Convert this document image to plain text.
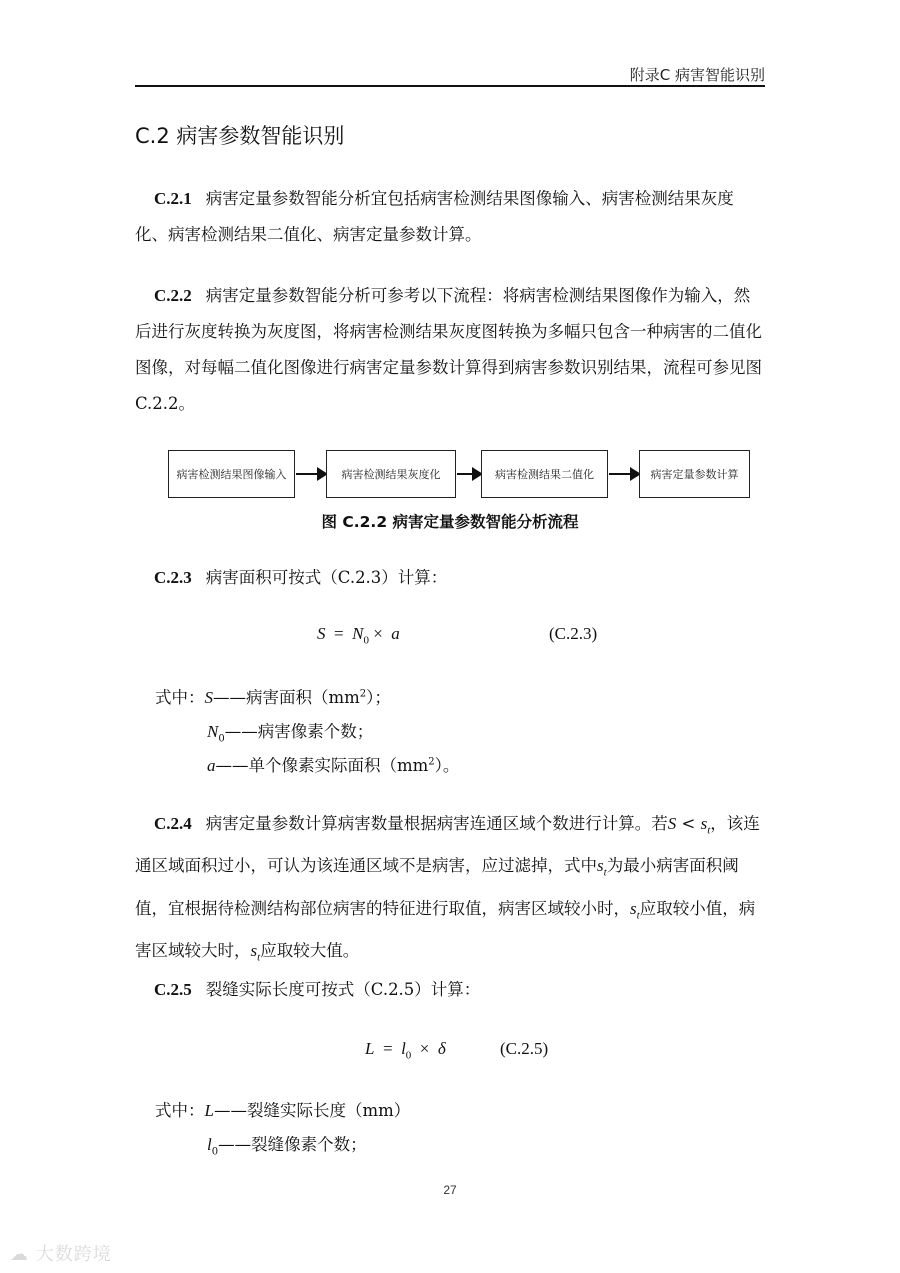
附录C 病害智能识别
C.2 病害参数智能识别
C.2.1 病害定量参数智能分析宜包括病害检测结果图像输入、病害检测结果灰度化、病害检测结果二值化、病害定量参数计算。
C.2.2 病害定量参数智能分析可参考以下流程：将病害检测结果图像作为输入，然后进行灰度转换为灰度图，将病害检测结果灰度图转换为多幅只包含一种病害的二值化图像，对每幅二值化图像进行病害定量参数计算得到病害参数识别结果，流程可参见图 C.2.2。
病害检测结果图像输入	病害检测结果灰度化	病害检测结果二值化	病害定量参数计算
图 C.2.2 病害定量参数智能分析流程
C.2.3 病害面积可按式（C.2.3）计算：
$S = N_0 \times a$	(C.2.3)
式中：S——病害面积$(mm^2)$；
$N_0——$病害像素个数；
a——单个像素实际面积$(mm^2)$。
C.2.4 病害定量参数计算病害数量根据病害连通区域个数进行计算。若$S < s_t$，该连通区域面积过小，可认为该连通区域不是病害，应过滤掉，式中$s_t$为最小病害面积阈值，宜根据待检测结构部位病害的特征进行取值，病害区域较小时，$s_t$应取较小值，病害区域较大时，$s_t$应取较大值。
C.2.5 裂缝实际长度可按式（C.2.5）计算：
$L = l_0 \times \delta$	(C.2.5)
式中：L——裂缝实际长度（mm）
$l_0——$裂缝像素个数；
27
☁ 大数跨境
